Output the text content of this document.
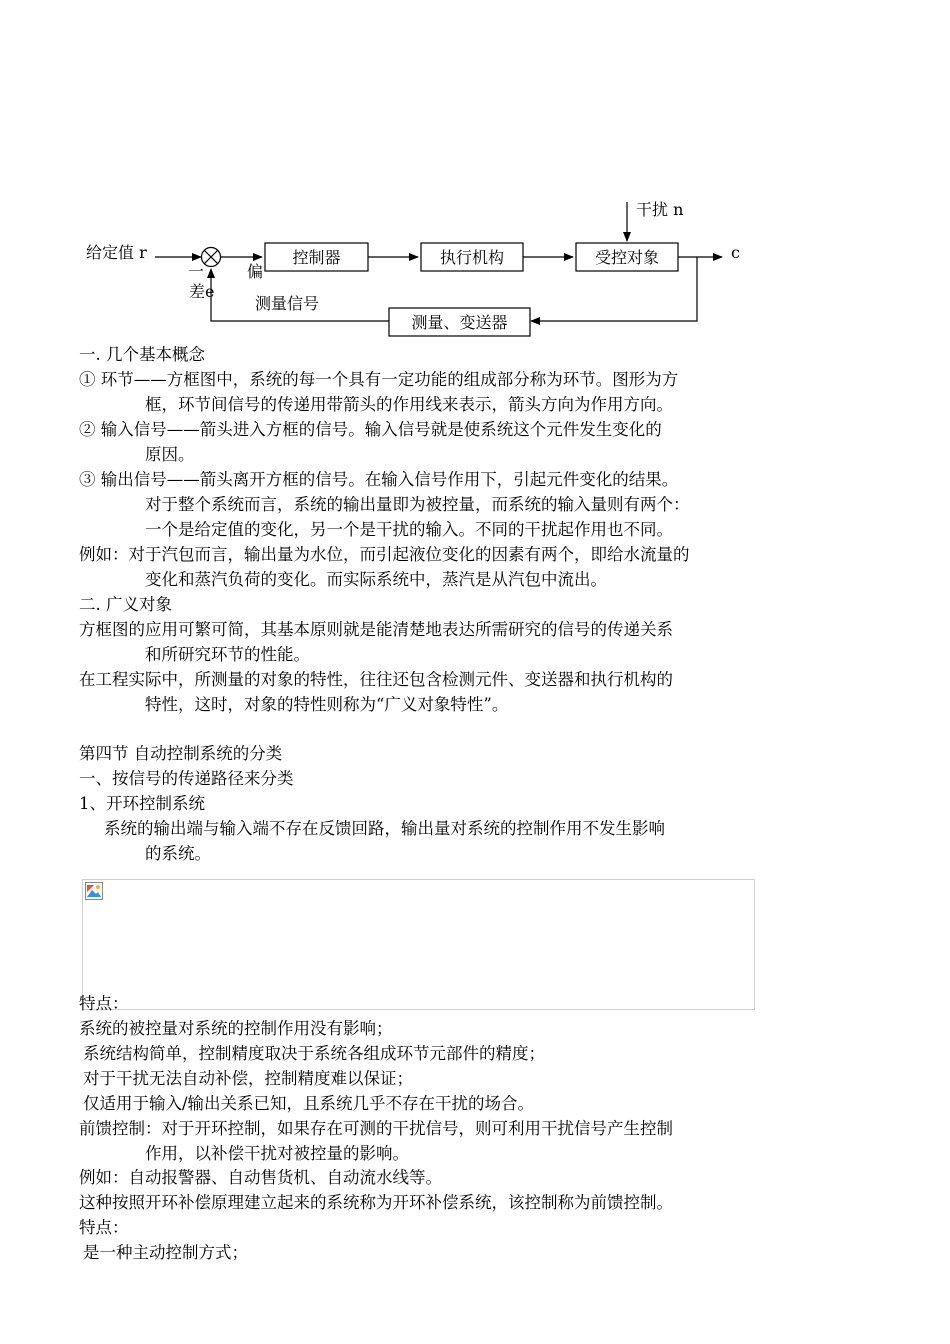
给定值 r
一
差e
偏
控制器	执行机构	受控对象
干扰 n
c
测量、变送器
测量信号
一. 几个基本概念
① 环节——方框图中，系统的每一个具有一定功能的组成部分称为环节。图形为方
框，环节间信号的传递用带箭头的作用线来表示，箭头方向为作用方向。
② 输入信号——箭头进入方框的信号。输入信号就是使系统这个元件发生变化的
原因。
③ 输出信号——箭头离开方框的信号。在输入信号作用下，引起元件变化的结果。
对于整个系统而言，系统的输出量即为被控量，而系统的输入量则有两个：
一个是给定值的变化，另一个是干扰的输入。不同的干扰起作用也不同。
例如：对于汽包而言，输出量为水位，而引起液位变化的因素有两个，即给水流量的
变化和蒸汽负荷的变化。而实际系统中，蒸汽是从汽包中流出。
二. 广义对象
方框图的应用可繁可简，其基本原则就是能清楚地表达所需研究的信号的传递关系
和所研究环节的性能。
在工程实际中，所测量的对象的特性，往往还包含检测元件、变送器和执行机构的
特性，这时，对象的特性则称为“广义对象特性”。
第四节 自动控制系统的分类
一、按信号的传递路径来分类
1、开环控制系统
系统的输出端与输入端不存在反馈回路，输出量对系统的控制作用不发生影响
的系统。
特点：
系统的被控量对系统的控制作用没有影响；
系统结构简单，控制精度取决于系统各组成环节元部件的精度；
对于干扰无法自动补偿，控制精度难以保证；
仅适用于输入/输出关系已知，且系统几乎不存在干扰的场合。
前馈控制：对于开环控制，如果存在可测的干扰信号，则可利用干扰信号产生控制
作用，以补偿干扰对被控量的影响。
例如：自动报警器、自动售货机、自动流水线等。
这种按照开环补偿原理建立起来的系统称为开环补偿系统，该控制称为前馈控制。
特点：
是一种主动控制方式；
